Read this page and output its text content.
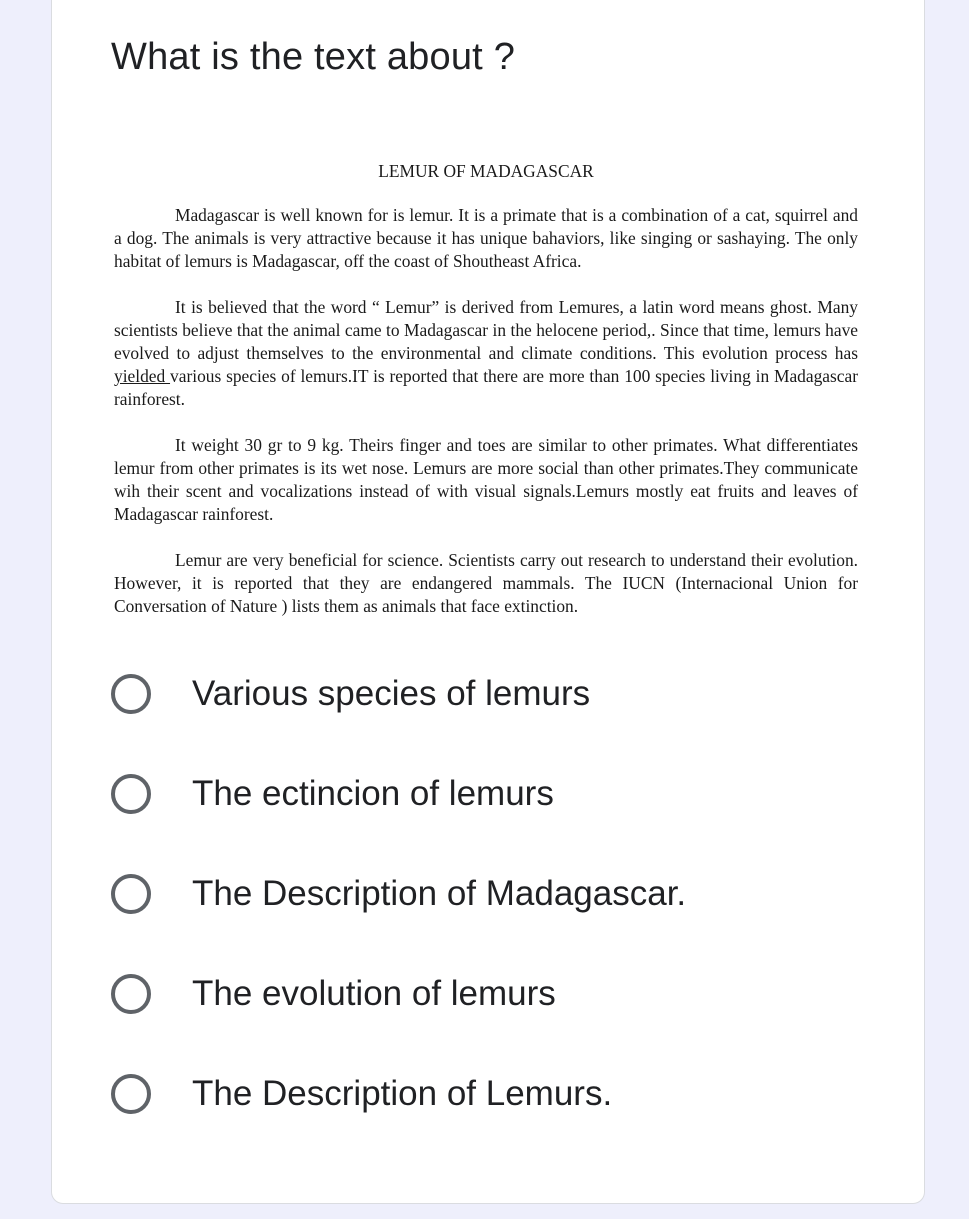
What is the text about ?
LEMUR OF MADAGASCAR

Madagascar is well known for is lemur. It is a primate that is a combination of a cat, squirrel and a dog. The animals is very attractive because it has unique bahaviors, like singing or sashaying. The only habitat of lemurs is Madagascar, off the coast of Shoutheast Africa.

It is believed that the word “ Lemur” is derived from Lemures, a latin word means ghost. Many scientists believe that the animal came to Madagascar in the helocene period,. Since that time, lemurs have evolved to adjust themselves to the environmental and climate conditions. This evolution process has yielded various species of lemurs.IT is reported that there are more than 100 species living in Madagascar rainforest.

It weight 30 gr to 9 kg. Theirs finger and toes are similar to other primates. What differentiates lemur from other primates is its wet nose. Lemurs are more social than other primates.They communicate wih their scent and vocalizations instead of with visual signals.Lemurs mostly eat fruits and leaves of Madagascar rainforest.

Lemur are very beneficial for science. Scientists carry out research to understand their evolution. However, it is reported that they are endangered mammals. The IUCN (Internacional Union for Conversation of Nature ) lists them as animals that face extinction.

Various species of lemurs
The ectincion of lemurs
The Description of Madagascar.
The evolution of lemurs
The Description of Lemurs.
